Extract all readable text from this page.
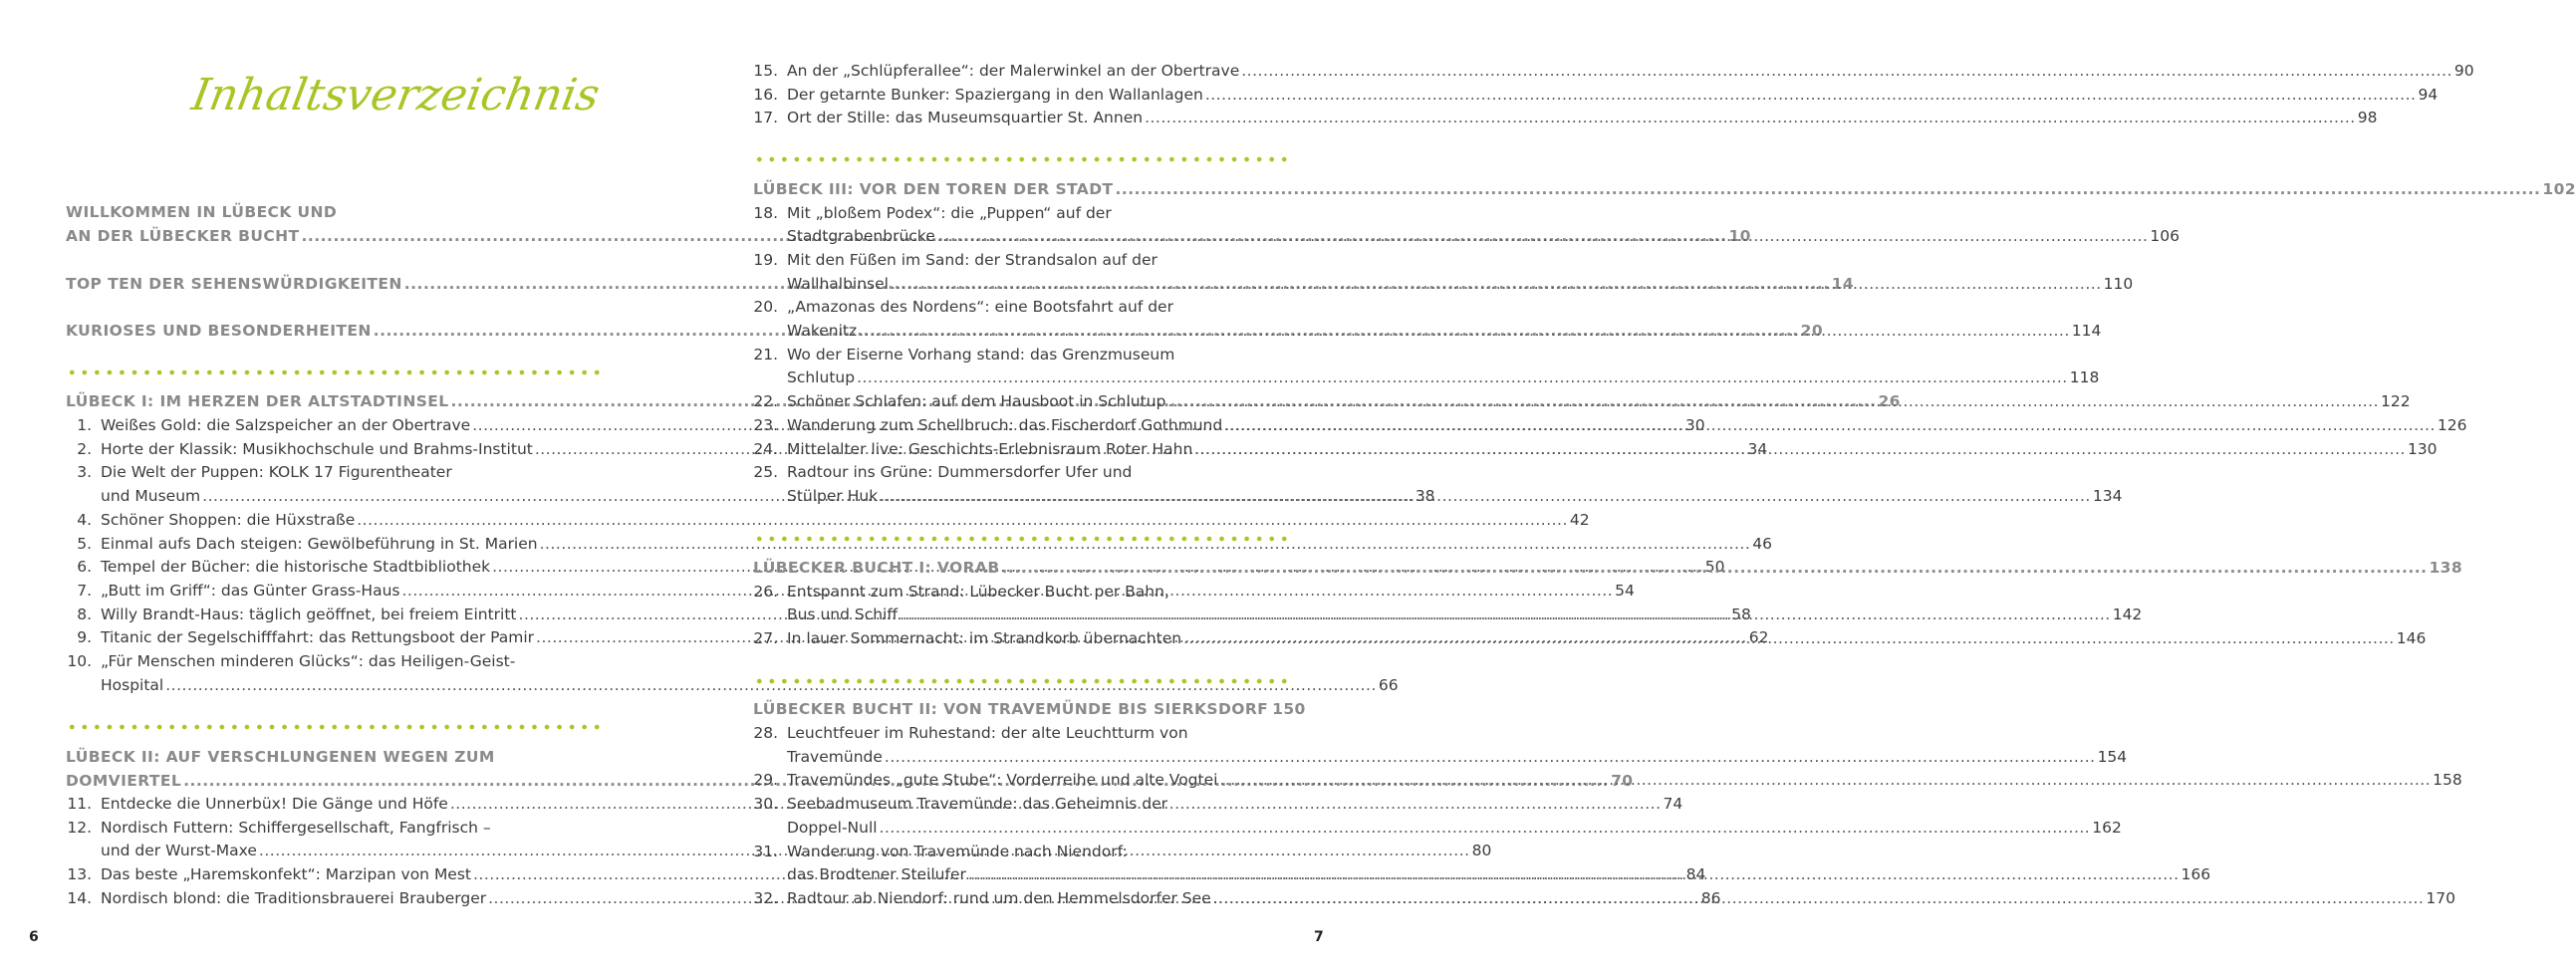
Inhaltsverzeichnis
WILLKOMMEN IN LÜBECK UND
AN DER LÜBECKER BUCHT .....	10
TOP TEN DER SEHENSWÜRDIGKEITEN .....	14
KURIOSES UND BESONDERHEITEN .....	20
LÜBECK I: IM HERZEN DER ALTSTADTINSEL .....	26
1. Weißes Gold: die Salzspeicher an der Obertrave .....	30
2. Horte der Klassik: Musikhochschule und Brahms-Institut .....	34
3. Die Welt der Puppen: KOLK 17 Figurentheater
und Museum .....	38
4. Schöner Shoppen: die Hüxstraße .....	42
5. Einmal aufs Dach steigen: Gewölbeführung in St. Marien .....	46
6. Tempel der Bücher: die historische Stadtbibliothek .....	50
7. „Butt im Griff“: das Günter Grass-Haus .....	54
8. Willy Brandt-Haus: täglich geöffnet, bei freiem Eintritt .....	58
9. Titanic der Segelschifffahrt: das Rettungsboot der Pamir .....	62
10. „Für Menschen minderen Glücks“: das Heiligen-Geist-
Hospital .....	66
LÜBECK II: AUF VERSCHLUNGENEN WEGEN ZUM
DOMVIERTEL .....	70
11. Entdecke die Unnerbüx! Die Gänge und Höfe .....	74
12. Nordisch Futtern: Schiffergesellschaft, Fangfrisch –
und der Wurst-Maxe .....	80
13. Das beste „Haremskonfekt“: Marzipan von Mest .....	84
14. Nordisch blond: die Traditionsbrauerei Brauberger .....	86
15. An der „Schlüpferallee“: der Malerwinkel an der Obertrave .....	90
16. Der getarnte Bunker: Spaziergang in den Wallanlagen .....	94
17. Ort der Stille: das Museumsquartier St. Annen .....	98
LÜBECK III: VOR DEN TOREN DER STADT .....	102
18. Mit „bloßem Podex“: die „Puppen“ auf der
Stadtgrabenbrücke .....	106
19. Mit den Füßen im Sand: der Strandsalon auf der
Wallhalbinsel .....	110
20. „Amazonas des Nordens“: eine Bootsfahrt auf der
Wakenitz .....	114
21. Wo der Eiserne Vorhang stand: das Grenzmuseum
Schlutup .....	118
22. Schöner Schlafen: auf dem Hausboot in Schlutup .....	122
23. Wanderung zum Schellbruch: das Fischerdorf Gothmund .....	126
24. Mittelalter live: Geschichts-Erlebnisraum Roter Hahn .....	130
25. Radtour ins Grüne: Dummersdorfer Ufer und
Stülper Huk .....	134
LÜBECKER BUCHT I: VORAB .....	138
26. Entspannt zum Strand: Lübecker Bucht per Bahn,
Bus und Schiff .....	142
27. In lauer Sommernacht: im Strandkorb übernachten .....	146
LÜBECKER BUCHT II: VON TRAVEMÜNDE BIS SIERKSDORF 150
28. Leuchtfeuer im Ruhestand: der alte Leuchtturm von
Travemünde .....	154
29. Travemündes „gute Stube“: Vorderreihe und alte Vogtei .....	158
30. Seebadmuseum Travemünde: das Geheimnis der
Doppel-Null .....	162
31. Wanderung von Travemünde nach Niendorf:
das Brodtener Steilufer .....	166
32. Radtour ab Niendorf: rund um den Hemmelsdorfer See .....	170
6	7
